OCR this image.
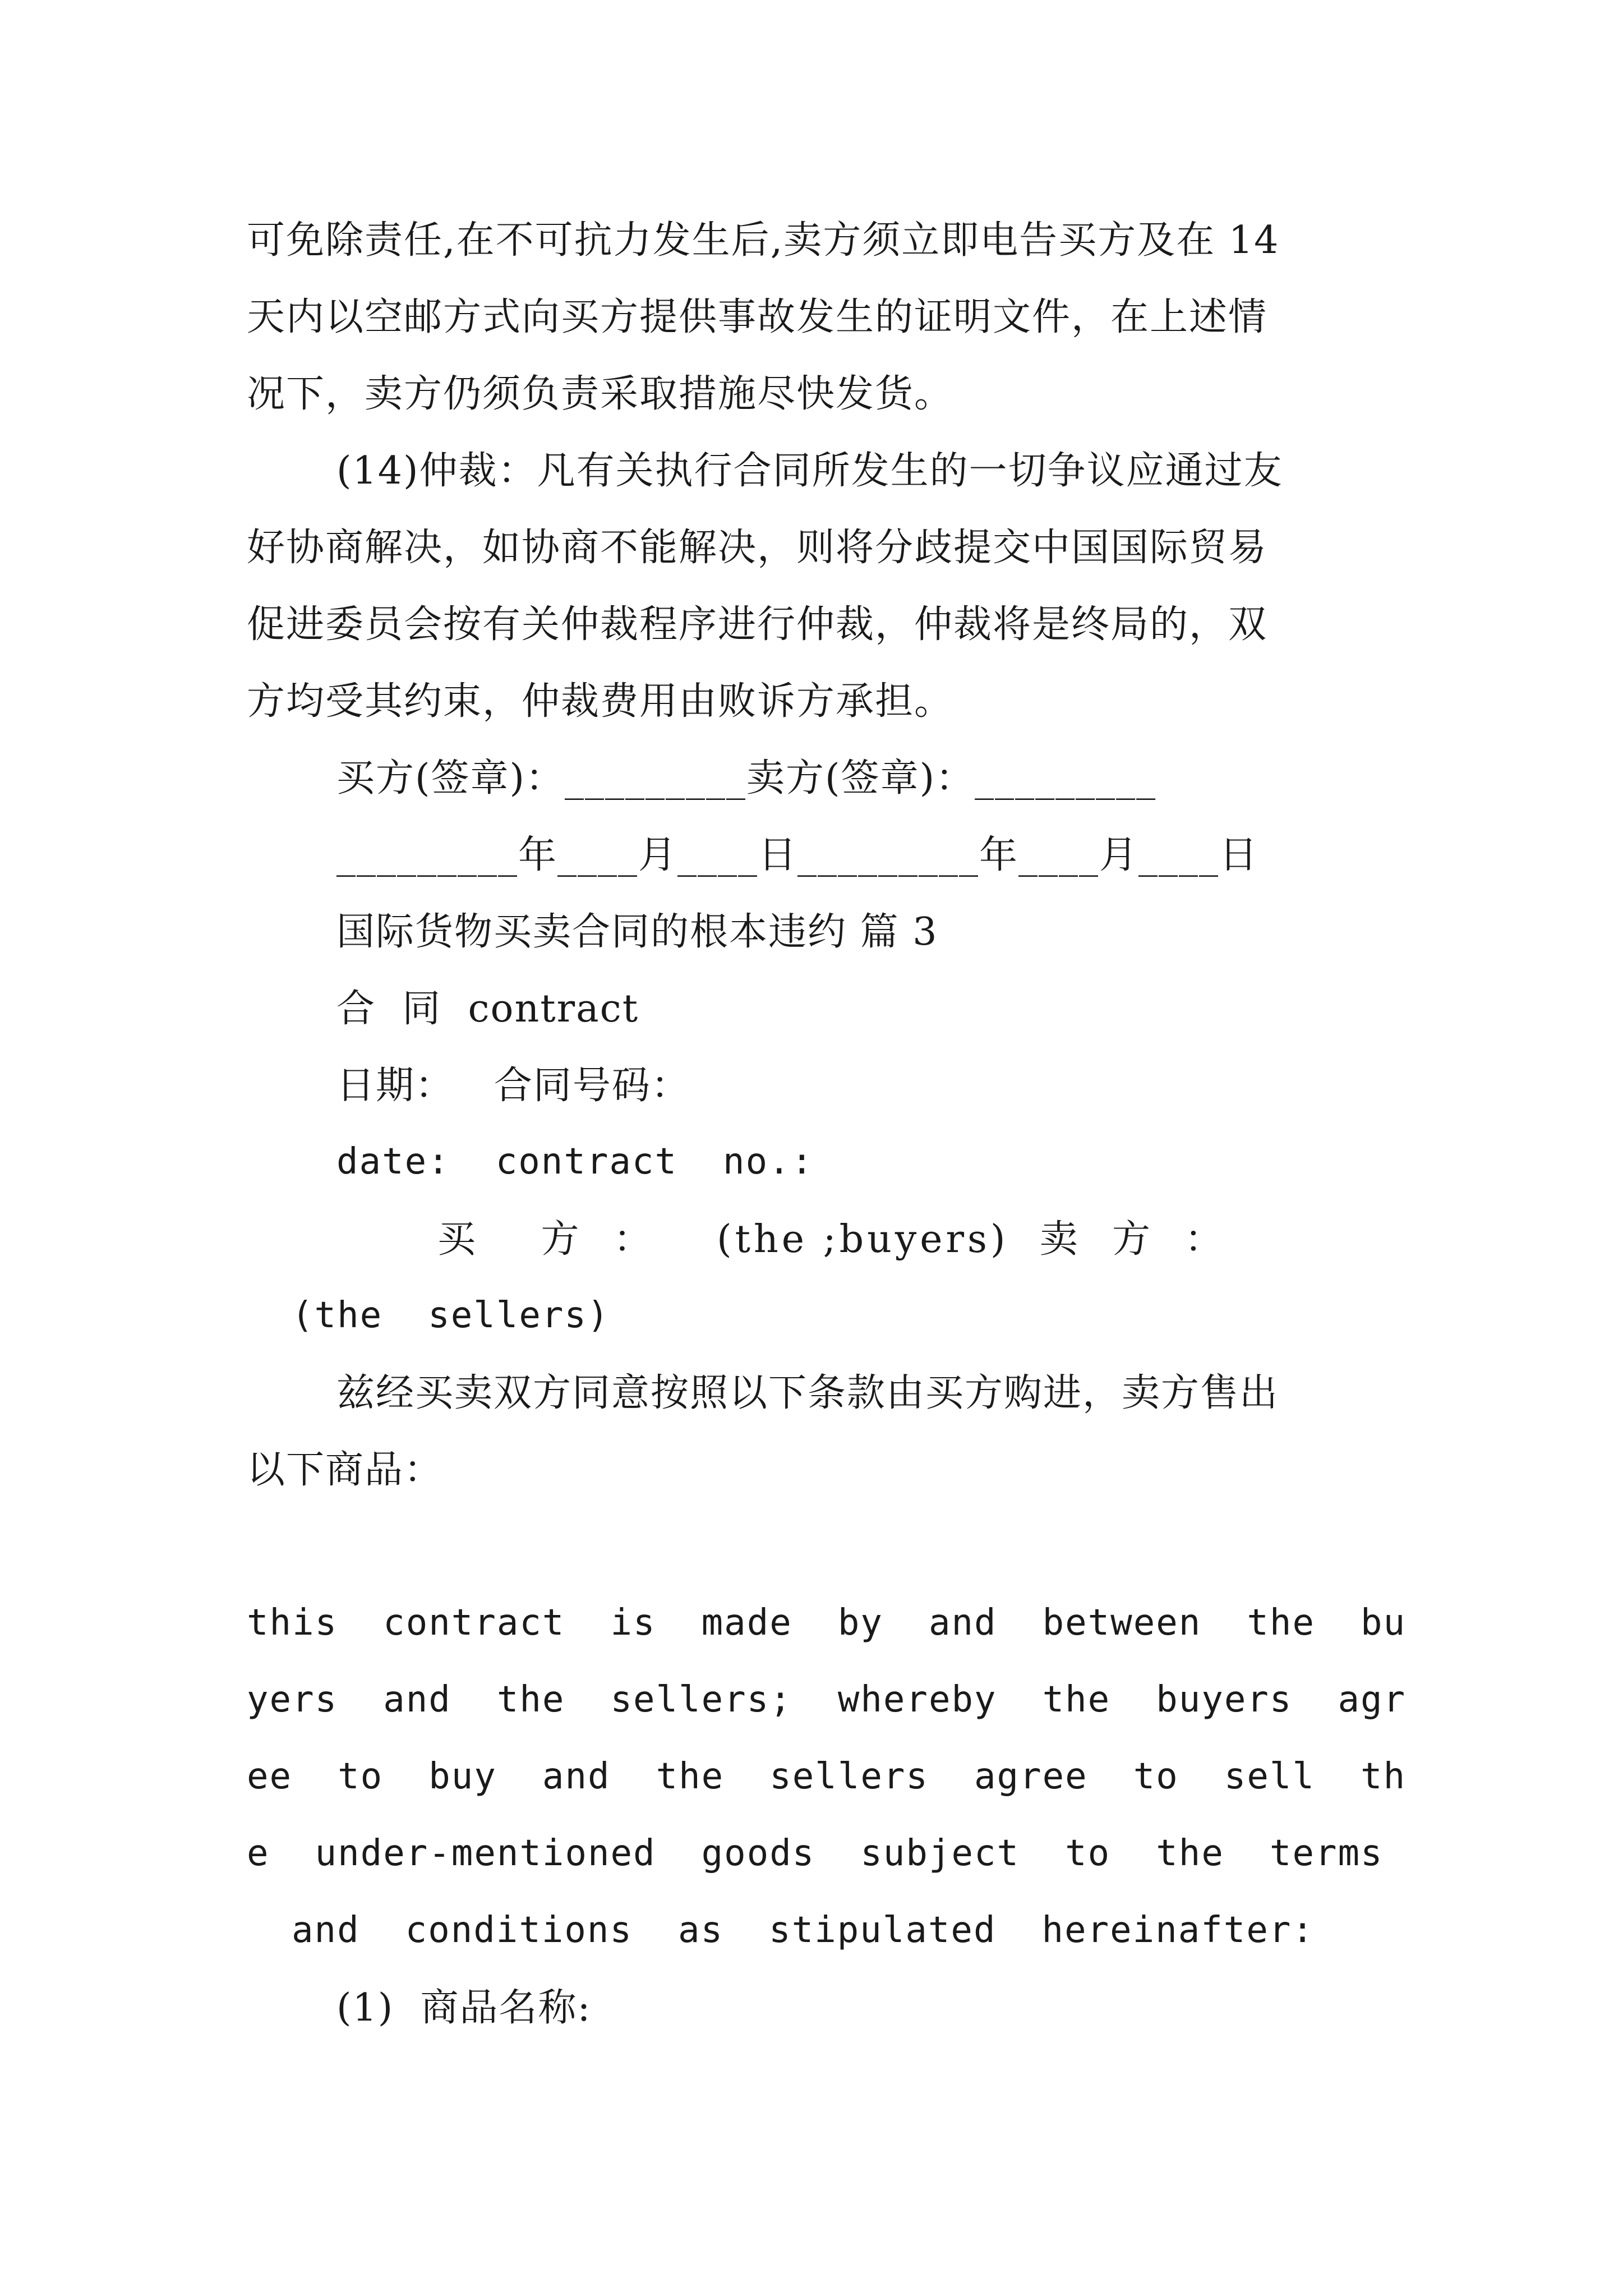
可免除责任,在不可抗力发生后,卖方须立即电告买方及在 14
天内以空邮方式向买方提供事故发生的证明文件，在上述情
况下，卖方仍须负责采取措施尽快发货。
(14)仲裁：凡有关执行合同所发生的一切争议应通过友
好协商解决，如协商不能解决，则将分歧提交中国国际贸易
促进委员会按有关仲裁程序进行仲裁，仲裁将是终局的，双
方均受其约束，仲裁费用由败诉方承担。
买方(签章)：_________卖方(签章)：_________
_________年____月____日_________年____月____日
国际货物买卖合同的根本违约 篇 3
合  同  contract
日期：   合同号码：
date:  contract  no.:
买    方  ：    (the ;buyers)  卖  方  ：
(the  sellers)
兹经买卖双方同意按照以下条款由买方购进，卖方售出
以下商品：
this  contract  is  made  by  and  between  the  bu
yers  and  the  sellers;  whereby  the  buyers  agr
ee  to  buy  and  the  sellers  agree  to  sell  th
e  under-mentioned  goods  subject  to  the  terms
and  conditions  as  stipulated  hereinafter:
(1)  商品名称:
